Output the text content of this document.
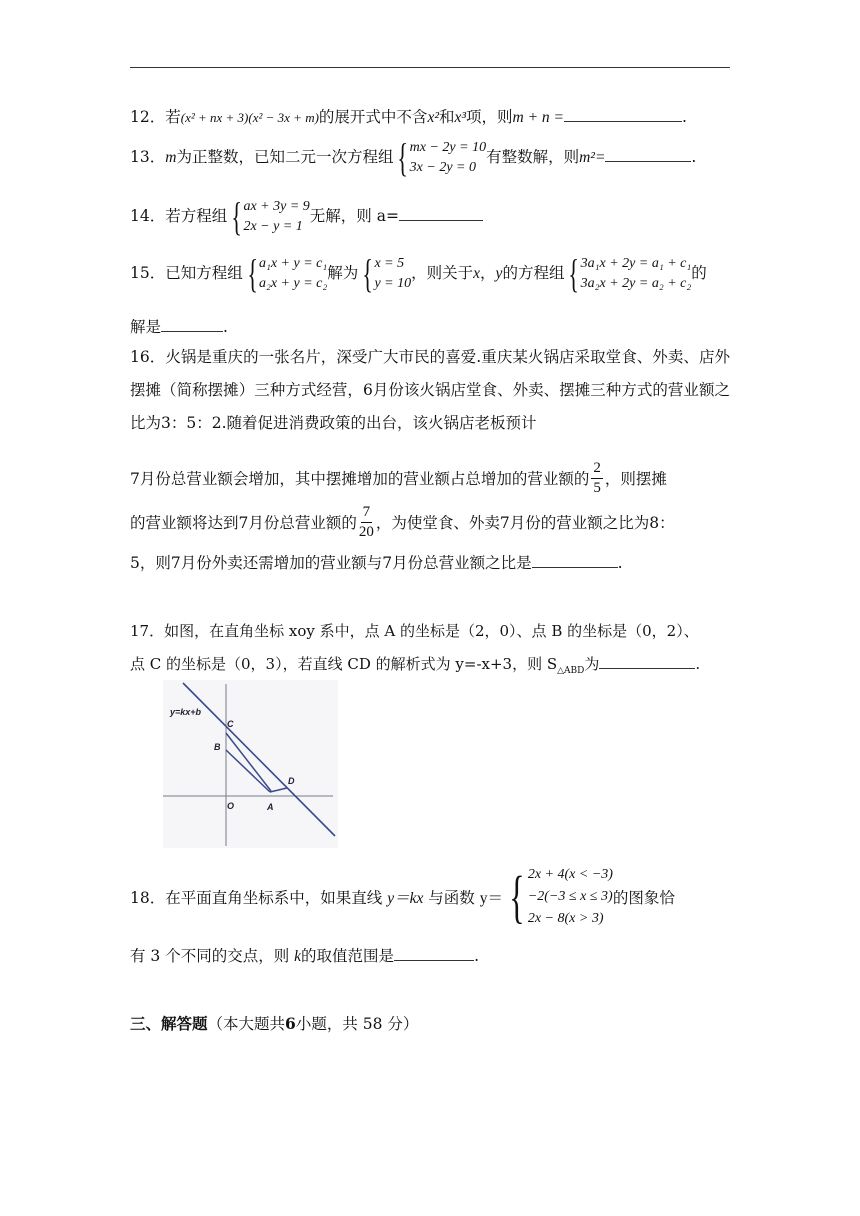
12．若(x² + nx + 3)(x² − 3x + m)的展开式中不含x²和x³项，则m + n =	.
13．m为正整数，已知二元一次方程组 { mx − 2y = 10
3x − 2y = 0
有整数解，则m²=	.
14．若方程组 { ax + 3y = 9
2x − y = 1
无解，则 a=
15．已知方程组 { a₁x + y = c₁
a₂x + y = c₂
解为 { x = 5
y = 10
，则关于x，y的方程组 { 3a₁x + 2y = a₁ + c₁
3a₂x + 2y = a₂ + c₂
的
解是	.
16．火锅是重庆的一张名片，深受广大市民的喜爱.重庆某火锅店采取堂食、外卖、店外摆摊（简称摆摊）三种方式经营，6月份该火锅店堂食、外卖、摆摊三种方式的营业额之比为3：5：2.随着促进消费政策的出台，该火锅店老板预计
7月份总营业额会增加，其中摆摊增加的营业额占总增加的营业额的 $\frac{2}{5}$ ，则摆摊
的营业额将达到7月份总营业额的 $\frac{7}{20}$ ，为使堂食、外卖7月份的营业额之比为8：
5，则7月份外卖还需增加的营业额与7月份总营业额之比是	.
17．如图，在直角坐标 xoy 系中，点 A 的坐标是（2，0）、点 B 的坐标是（0，2）、
点 C 的坐标是（0，3），若直线 CD 的解析式为 y=-x+3，则 $S_{\triangle ABD}$为	.
y=kx+b
C
B
D
O	A
18． 在平面直角坐标系中，如果直线
y＝kx
与函数
y＝ { 2x + 4(x < −3)
−2(−3 ≤ x ≤ 3)
2x − 8(x > 3)
的图象恰
有 3 个不同的交点，则 k的取值范围是	.
三、解答题（本大题共6小题，共 58 分）
